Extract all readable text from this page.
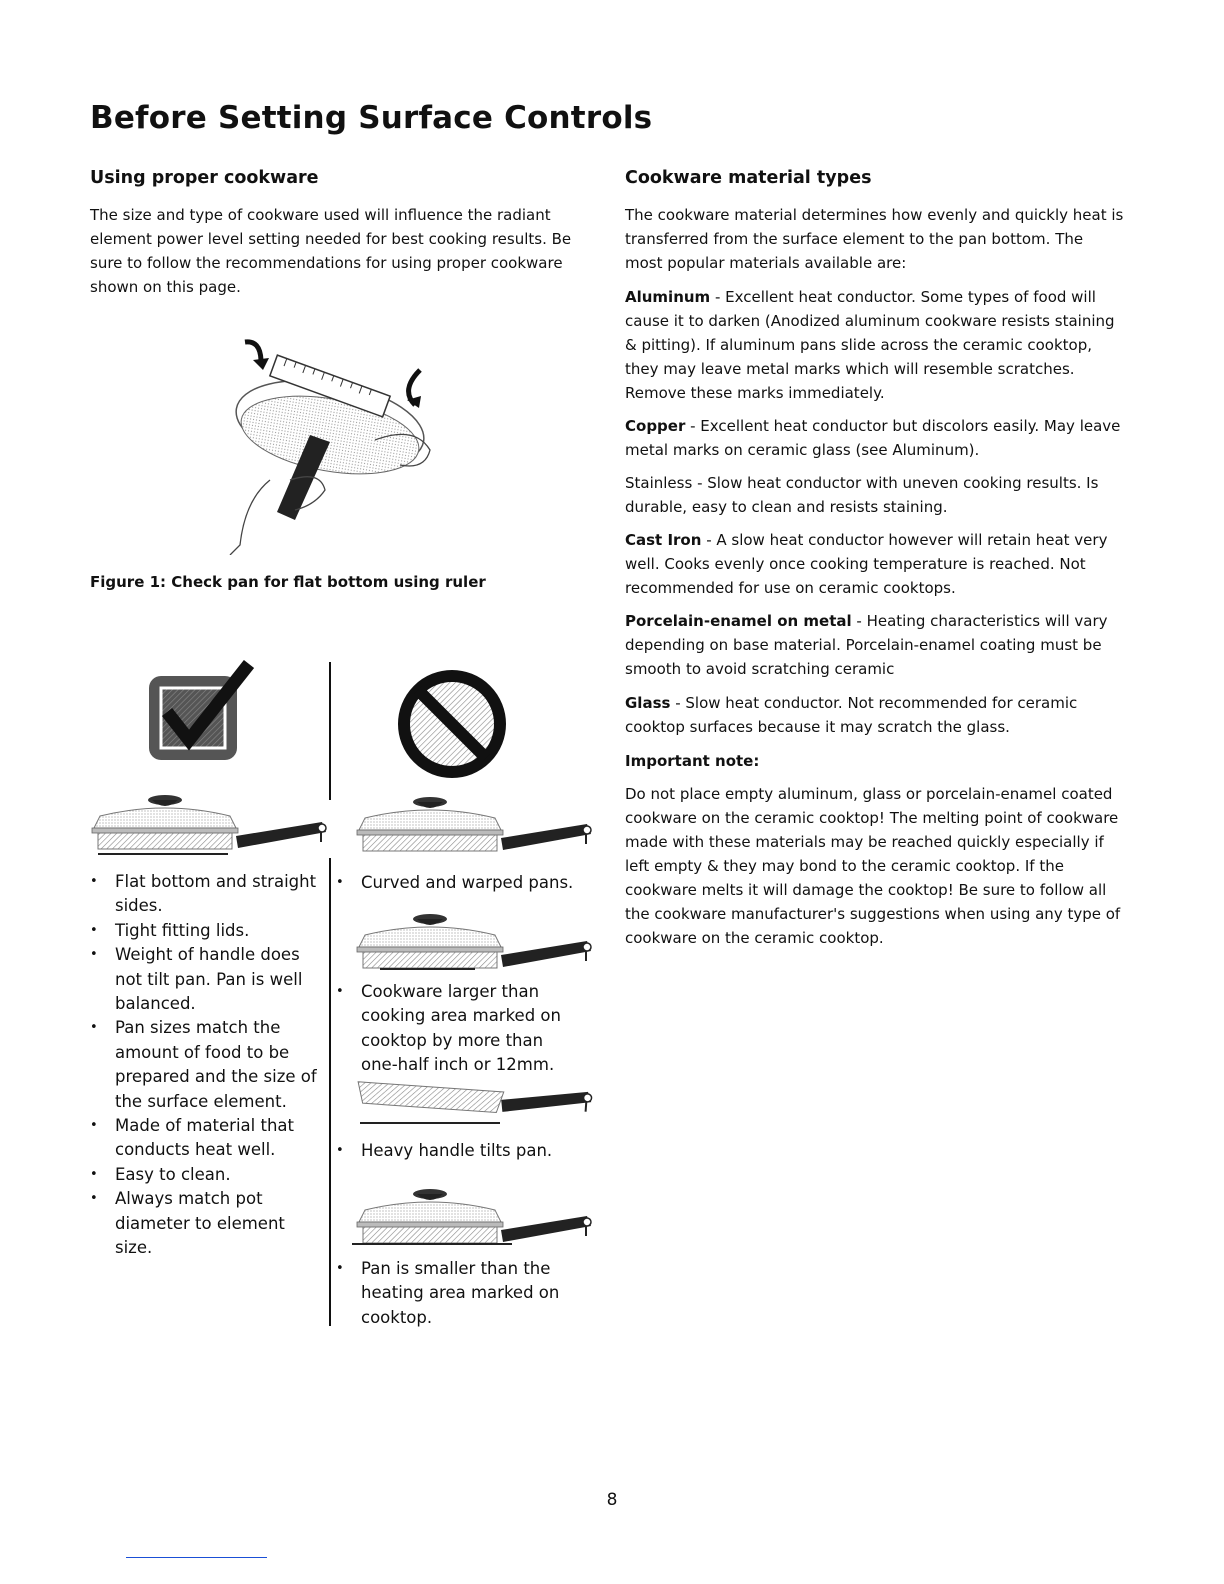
Before Setting Surface Controls
Using proper cookware

The size and type of cookware used will influence the radiant element power level setting needed for best cooking results. Be sure to follow the recommendations for using proper cookware shown on this page.

Figure 1: Check pan for flat bottom using ruler
• Flat bottom and straight sides.
• Tight fitting lids.
• Weight of handle does not tilt pan. Pan is well balanced.
• Pan sizes match the amount of food to be prepared and the size of the surface element.
• Made of material that conducts heat well.
• Easy to clean.
• Always match pot diameter to element size.
• Curved and warped pans.
• Cookware larger than cooking area marked on cooktop by more than one-half inch or 12mm.
• Heavy handle tilts pan.
• Pan is smaller than the heating area marked on cooktop.
Cookware material types

The cookware material determines how evenly and quickly heat is transferred from the surface element to the pan bottom. The most popular materials available are:

Aluminum - Excellent heat conductor. Some types of food will cause it to darken (Anodized aluminum cookware resists staining & pitting). If aluminum pans slide across the ceramic cooktop, they may leave metal marks which will resemble scratches. Remove these marks immediately.

Copper - Excellent heat conductor but discolors easily. May leave metal marks on ceramic glass (see Aluminum).

Stainless - Slow heat conductor with uneven cooking results. Is durable, easy to clean and resists staining.

Cast Iron - A slow heat conductor however will retain heat very well. Cooks evenly once cooking temperature is reached. Not recommended for use on ceramic cooktops.

Porcelain-enamel on metal - Heating characteristics will vary depending on base material. Porcelain-enamel coating must be smooth to avoid scratching ceramic

Glass - Slow heat conductor. Not recommended for ceramic cooktop surfaces because it may scratch the glass.

Important note:

Do not place empty aluminum, glass or porcelain-enamel coated cookware on the ceramic cooktop! The melting point of cookware made with these materials may be reached quickly especially if left empty & they may bond to the ceramic cooktop. If the cookware melts it will damage the cooktop! Be sure to follow all the cookware manufacturer's suggestions when using any type of cookware on the ceramic cooktop.

8
